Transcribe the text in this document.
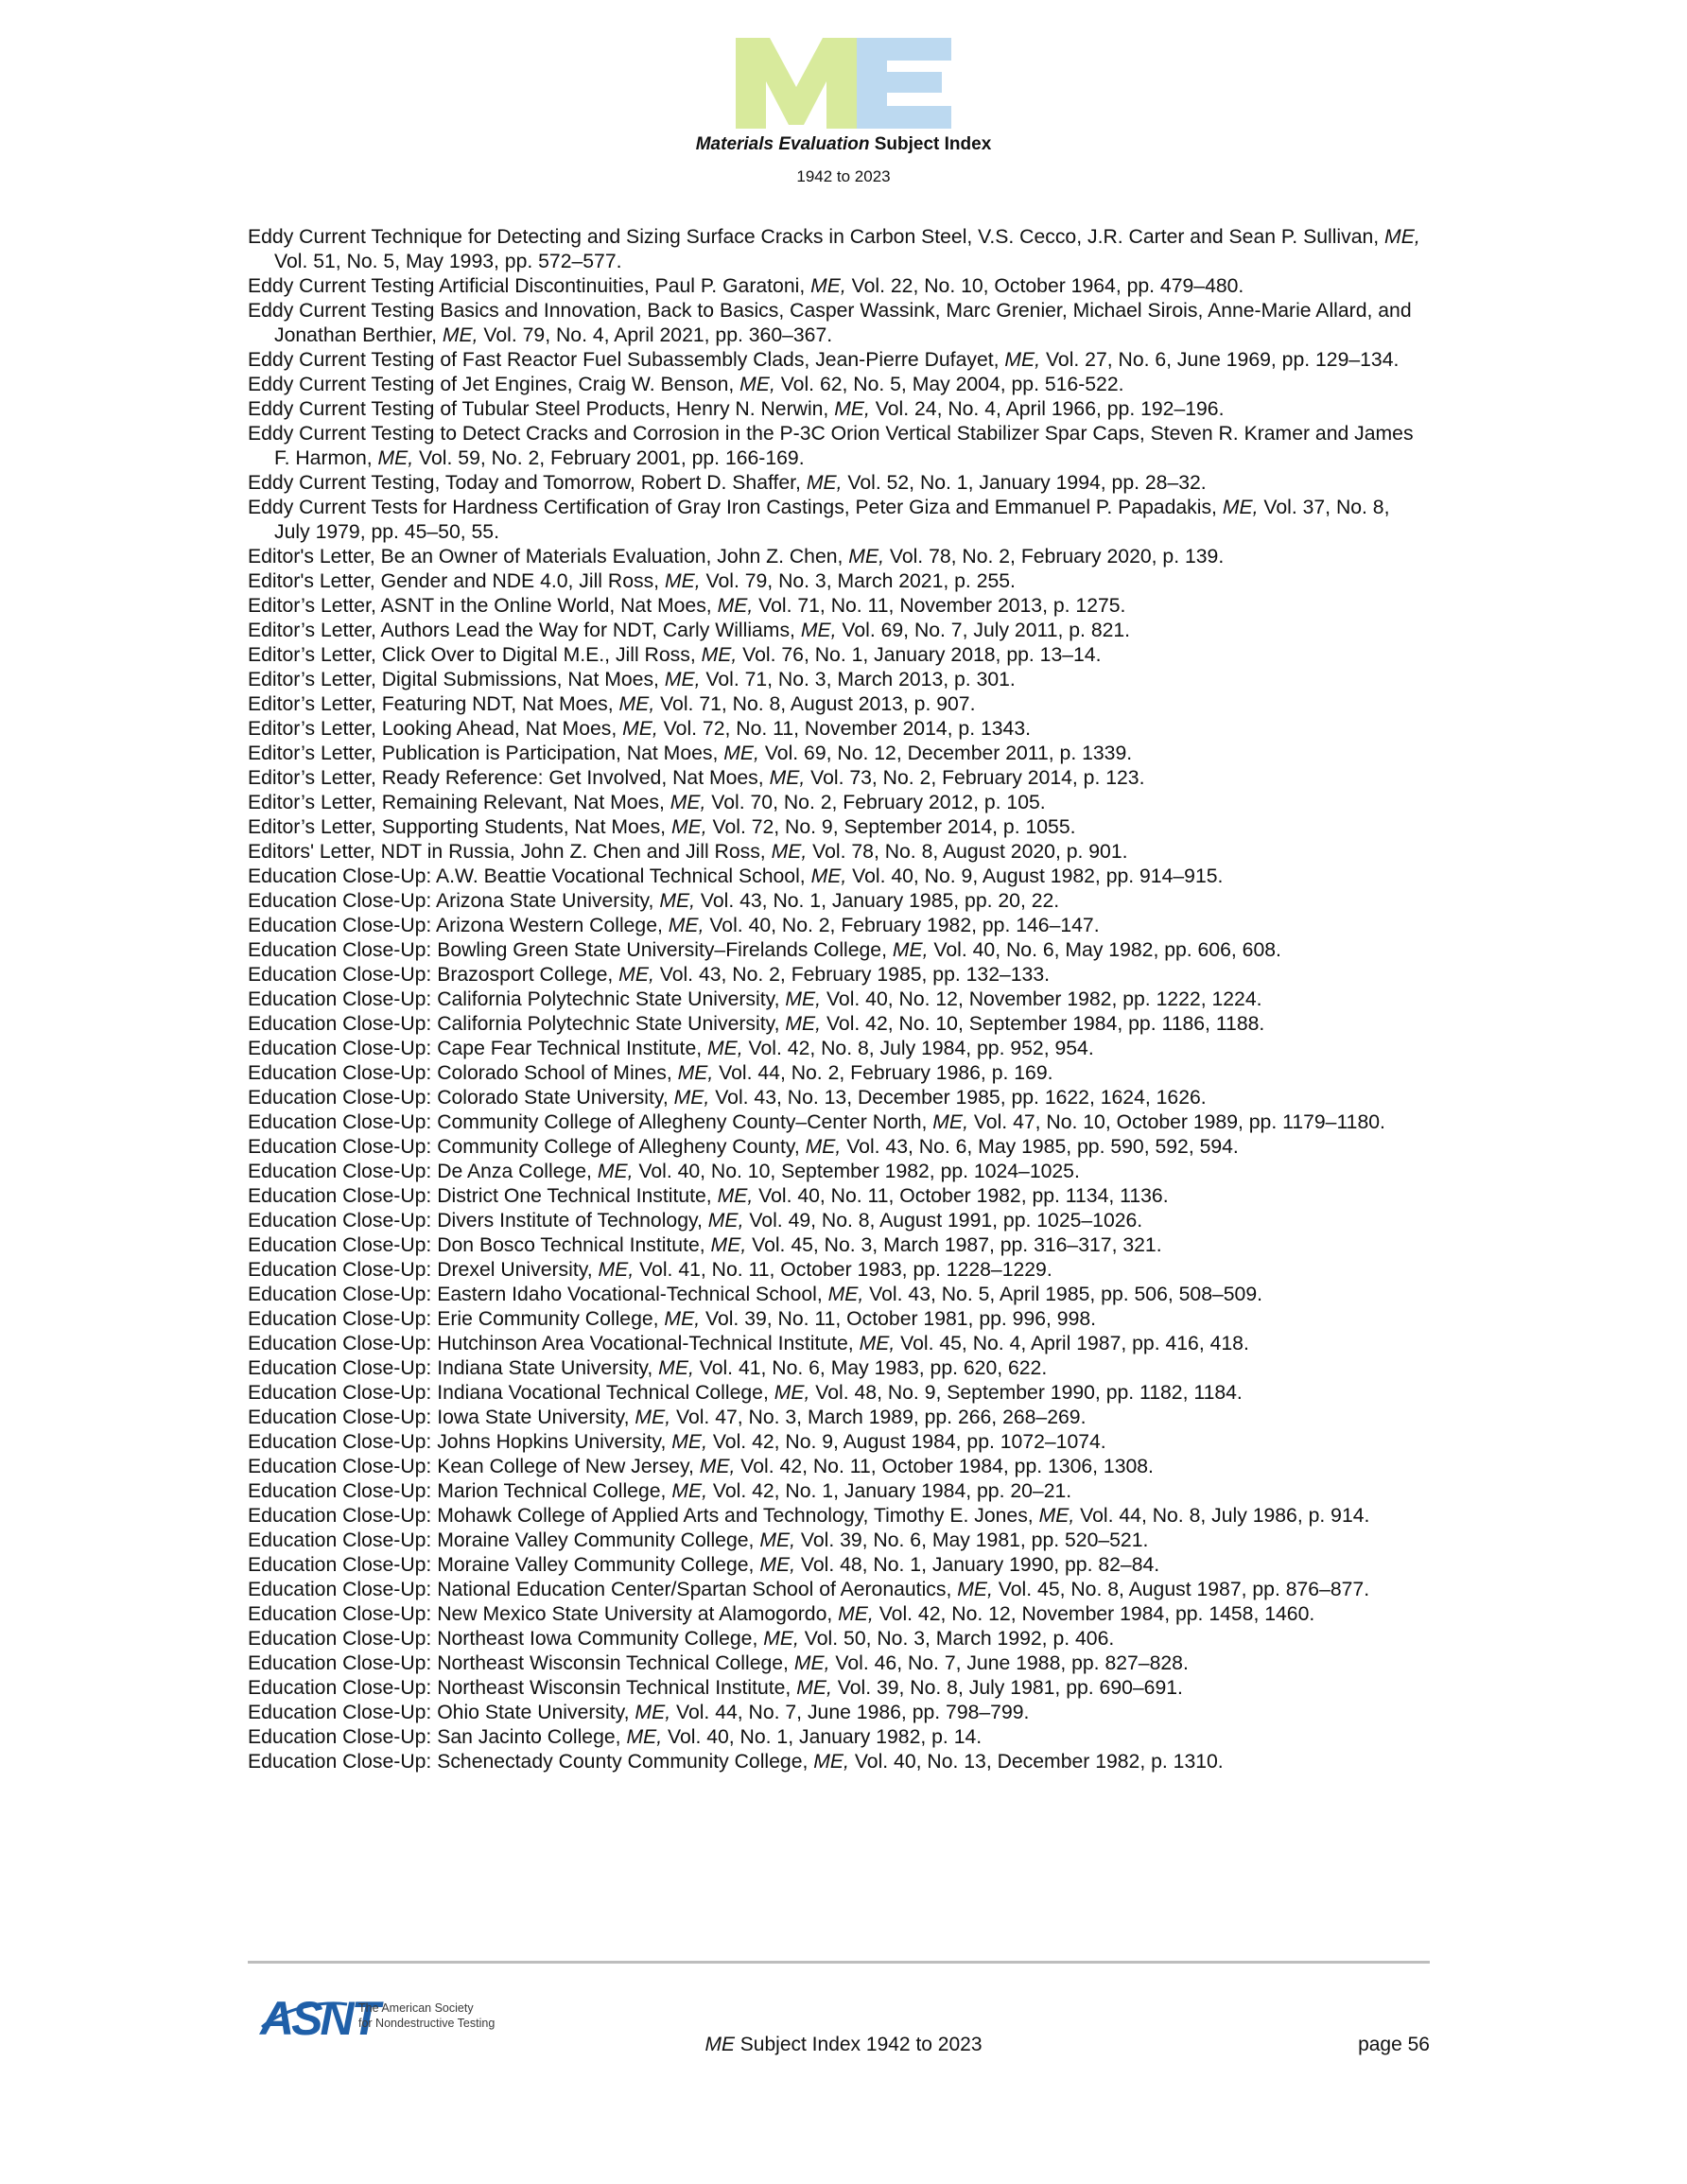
Materials Evaluation Subject Index
1942 to 2023
Eddy Current Technique for Detecting and Sizing Surface Cracks in Carbon Steel, V.S. Cecco, J.R. Carter and Sean P. Sullivan, ME, Vol. 51, No. 5, May 1993, pp. 572–577.
Eddy Current Testing Artificial Discontinuities, Paul P. Garatoni, ME, Vol. 22, No. 10, October 1964, pp. 479–480.
Eddy Current Testing Basics and Innovation, Back to Basics, Casper Wassink, Marc Grenier, Michael Sirois, Anne-Marie Allard, and Jonathan Berthier, ME, Vol. 79, No. 4, April 2021, pp. 360–367.
Eddy Current Testing of Fast Reactor Fuel Subassembly Clads, Jean-Pierre Dufayet, ME, Vol. 27, No. 6, June 1969, pp. 129–134.
Eddy Current Testing of Jet Engines, Craig W. Benson, ME, Vol. 62, No. 5, May 2004, pp. 516-522.
Eddy Current Testing of Tubular Steel Products, Henry N. Nerwin, ME, Vol. 24, No. 4, April 1966, pp. 192–196.
Eddy Current Testing to Detect Cracks and Corrosion in the P-3C Orion Vertical Stabilizer Spar Caps, Steven R. Kramer and James F. Harmon, ME, Vol. 59, No. 2, February 2001, pp. 166-169.
Eddy Current Testing, Today and Tomorrow, Robert D. Shaffer, ME, Vol. 52, No. 1, January 1994, pp. 28–32.
Eddy Current Tests for Hardness Certification of Gray Iron Castings, Peter Giza and Emmanuel P. Papadakis, ME, Vol. 37, No. 8, July 1979, pp. 45–50, 55.
Editor's Letter, Be an Owner of Materials Evaluation, John Z. Chen, ME, Vol. 78, No. 2, February 2020, p. 139.
Editor's Letter, Gender and NDE 4.0, Jill Ross, ME, Vol. 79, No. 3, March 2021, p. 255.
Editor’s Letter, ASNT in the Online World, Nat Moes, ME, Vol. 71, No. 11, November 2013, p. 1275.
Editor’s Letter, Authors Lead the Way for NDT, Carly Williams, ME, Vol. 69, No. 7, July 2011, p. 821.
Editor’s Letter, Click Over to Digital M.E., Jill Ross, ME, Vol. 76, No. 1, January 2018, pp. 13–14.
Editor’s Letter, Digital Submissions, Nat Moes, ME, Vol. 71, No. 3, March 2013, p. 301.
Editor’s Letter, Featuring NDT, Nat Moes, ME, Vol. 71, No. 8, August 2013, p. 907.
Editor’s Letter, Looking Ahead, Nat Moes, ME, Vol. 72, No. 11, November 2014, p. 1343.
Editor’s Letter, Publication is Participation, Nat Moes, ME, Vol. 69, No. 12, December 2011, p. 1339.
Editor’s Letter, Ready Reference: Get Involved, Nat Moes, ME, Vol. 73, No. 2, February 2014, p. 123.
Editor’s Letter, Remaining Relevant, Nat Moes, ME, Vol. 70, No. 2, February 2012, p. 105.
Editor’s Letter, Supporting Students, Nat Moes, ME, Vol. 72, No. 9, September 2014, p. 1055.
Editors' Letter, NDT in Russia, John Z. Chen and Jill Ross, ME, Vol. 78, No. 8, August 2020, p. 901.
Education Close-Up: A.W. Beattie Vocational Technical School, ME, Vol. 40, No. 9, August 1982, pp. 914–915.
Education Close-Up: Arizona State University, ME, Vol. 43, No. 1, January 1985, pp. 20, 22.
Education Close-Up: Arizona Western College, ME, Vol. 40, No. 2, February 1982, pp. 146–147.
Education Close-Up: Bowling Green State University–Firelands College, ME, Vol. 40, No. 6, May 1982, pp. 606, 608.
Education Close-Up: Brazosport College, ME, Vol. 43, No. 2, February 1985, pp. 132–133.
Education Close-Up: California Polytechnic State University, ME, Vol. 40, No. 12, November 1982, pp. 1222, 1224.
Education Close-Up: California Polytechnic State University, ME, Vol. 42, No. 10, September 1984, pp. 1186, 1188.
Education Close-Up: Cape Fear Technical Institute, ME, Vol. 42, No. 8, July 1984, pp. 952, 954.
Education Close-Up: Colorado School of Mines, ME, Vol. 44, No. 2, February 1986, p. 169.
Education Close-Up: Colorado State University, ME, Vol. 43, No. 13, December 1985, pp. 1622, 1624, 1626.
Education Close-Up: Community College of Allegheny County–Center North, ME, Vol. 47, No. 10, October 1989, pp. 1179–1180.
Education Close-Up: Community College of Allegheny County, ME, Vol. 43, No. 6, May 1985, pp. 590, 592, 594.
Education Close-Up: De Anza College, ME, Vol. 40, No. 10, September 1982, pp. 1024–1025.
Education Close-Up: District One Technical Institute, ME, Vol. 40, No. 11, October 1982, pp. 1134, 1136.
Education Close-Up: Divers Institute of Technology, ME, Vol. 49, No. 8, August 1991, pp. 1025–1026.
Education Close-Up: Don Bosco Technical Institute, ME, Vol. 45, No. 3, March 1987, pp. 316–317, 321.
Education Close-Up: Drexel University, ME, Vol. 41, No. 11, October 1983, pp. 1228–1229.
Education Close-Up: Eastern Idaho Vocational-Technical School, ME, Vol. 43, No. 5, April 1985, pp. 506, 508–509.
Education Close-Up: Erie Community College, ME, Vol. 39, No. 11, October 1981, pp. 996, 998.
Education Close-Up: Hutchinson Area Vocational-Technical Institute, ME, Vol. 45, No. 4, April 1987, pp. 416, 418.
Education Close-Up: Indiana State University, ME, Vol. 41, No. 6, May 1983, pp. 620, 622.
Education Close-Up: Indiana Vocational Technical College, ME, Vol. 48, No. 9, September 1990, pp. 1182, 1184.
Education Close-Up: Iowa State University, ME, Vol. 47, No. 3, March 1989, pp. 266, 268–269.
Education Close-Up: Johns Hopkins University, ME, Vol. 42, No. 9, August 1984, pp. 1072–1074.
Education Close-Up: Kean College of New Jersey, ME, Vol. 42, No. 11, October 1984, pp. 1306, 1308.
Education Close-Up: Marion Technical College, ME, Vol. 42, No. 1, January 1984, pp. 20–21.
Education Close-Up: Mohawk College of Applied Arts and Technology, Timothy E. Jones, ME, Vol. 44, No. 8, July 1986, p. 914.
Education Close-Up: Moraine Valley Community College, ME, Vol. 39, No. 6, May 1981, pp. 520–521.
Education Close-Up: Moraine Valley Community College, ME, Vol. 48, No. 1, January 1990, pp. 82–84.
Education Close-Up: National Education Center/Spartan School of Aeronautics, ME, Vol. 45, No. 8, August 1987, pp. 876–877.
Education Close-Up: New Mexico State University at Alamogordo, ME, Vol. 42, No. 12, November 1984, pp. 1458, 1460.
Education Close-Up: Northeast Iowa Community College, ME, Vol. 50, No. 3, March 1992, p. 406.
Education Close-Up: Northeast Wisconsin Technical College, ME, Vol. 46, No. 7, June 1988, pp. 827–828.
Education Close-Up: Northeast Wisconsin Technical Institute, ME, Vol. 39, No. 8, July 1981, pp. 690–691.
Education Close-Up: Ohio State University, ME, Vol. 44, No. 7, June 1986, pp. 798–799.
Education Close-Up: San Jacinto College, ME, Vol. 40, No. 1, January 1982, p. 14.
Education Close-Up: Schenectady County Community College, ME, Vol. 40, No. 13, December 1982, p. 1310.
ASNT
The American Society
for Nondestructive Testing
ME Subject Index 1942 to 2023	page 56
